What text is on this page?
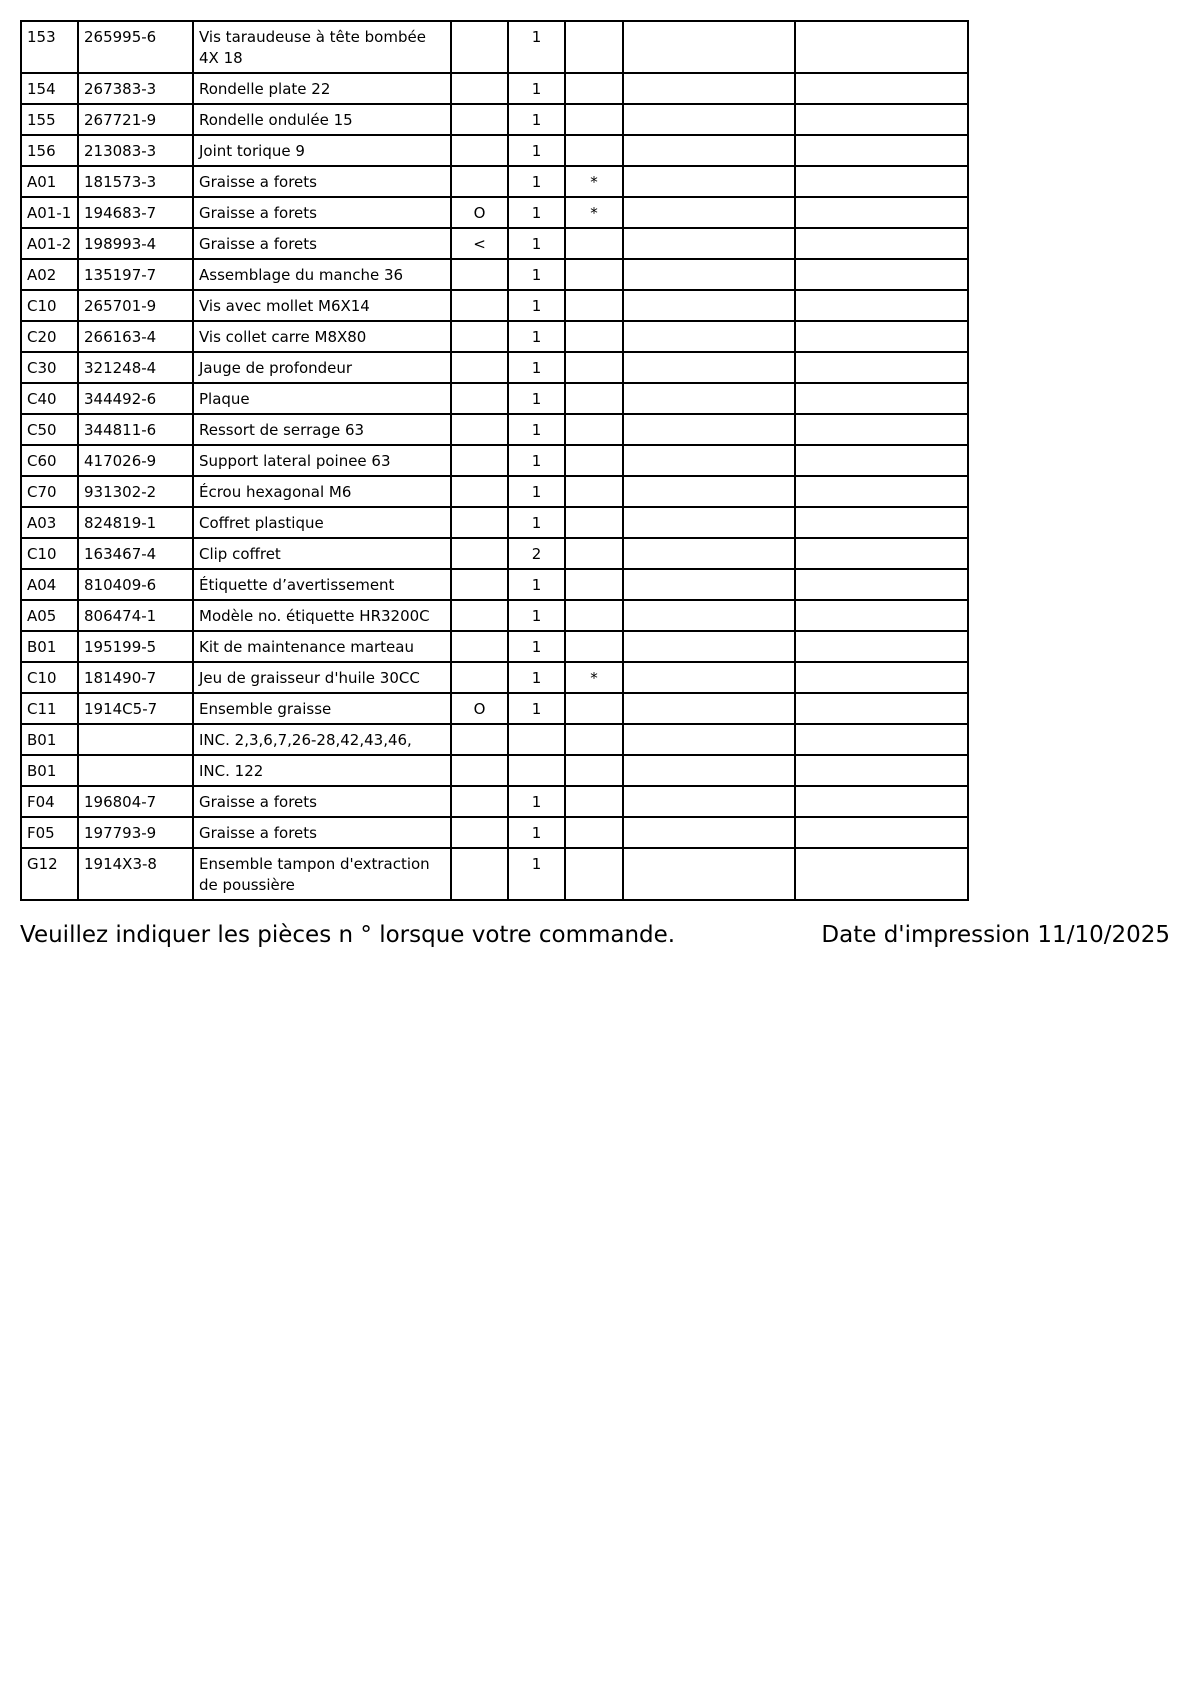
153	265995-6	Vis taraudeuse à tête bombée 4X 18		1			
154	267383-3	Rondelle plate 22		1			
155	267721-9	Rondelle ondulée 15		1			
156	213083-3	Joint torique 9		1			
A01	181573-3	Graisse a forets		1	*		
A01-1	194683-7	Graisse a forets	O	1	*		
A01-2	198993-4	Graisse a forets	<	1			
A02	135197-7	Assemblage du manche 36		1			
C10	265701-9	Vis avec mollet M6X14		1			
C20	266163-4	Vis collet carre M8X80		1			
C30	321248-4	Jauge de profondeur		1			
C40	344492-6	Plaque		1			
C50	344811-6	Ressort de serrage 63		1			
C60	417026-9	Support lateral poinee 63		1			
C70	931302-2	Écrou hexagonal M6		1			
A03	824819-1	Coffret plastique		1			
C10	163467-4	Clip coffret		2			
A04	810409-6	Étiquette d’avertissement		1			
A05	806474-1	Modèle no. étiquette HR3200C		1			
B01	195199-5	Kit de maintenance marteau		1			
C10	181490-7	Jeu de graisseur d'huile 30CC		1	*		
C11	1914C5-7	Ensemble graisse	O	1			
B01		INC. 2,3,6,7,26-28,42,43,46,					
B01		INC. 122					
F04	196804-7	Graisse a forets		1			
F05	197793-9	Graisse a forets		1			
G12	1914X3-8	Ensemble tampon d'extraction de poussière		1			
Veuillez indiquer les pièces n ° lorsque votre commande.	Date d'impression 11/10/2025
